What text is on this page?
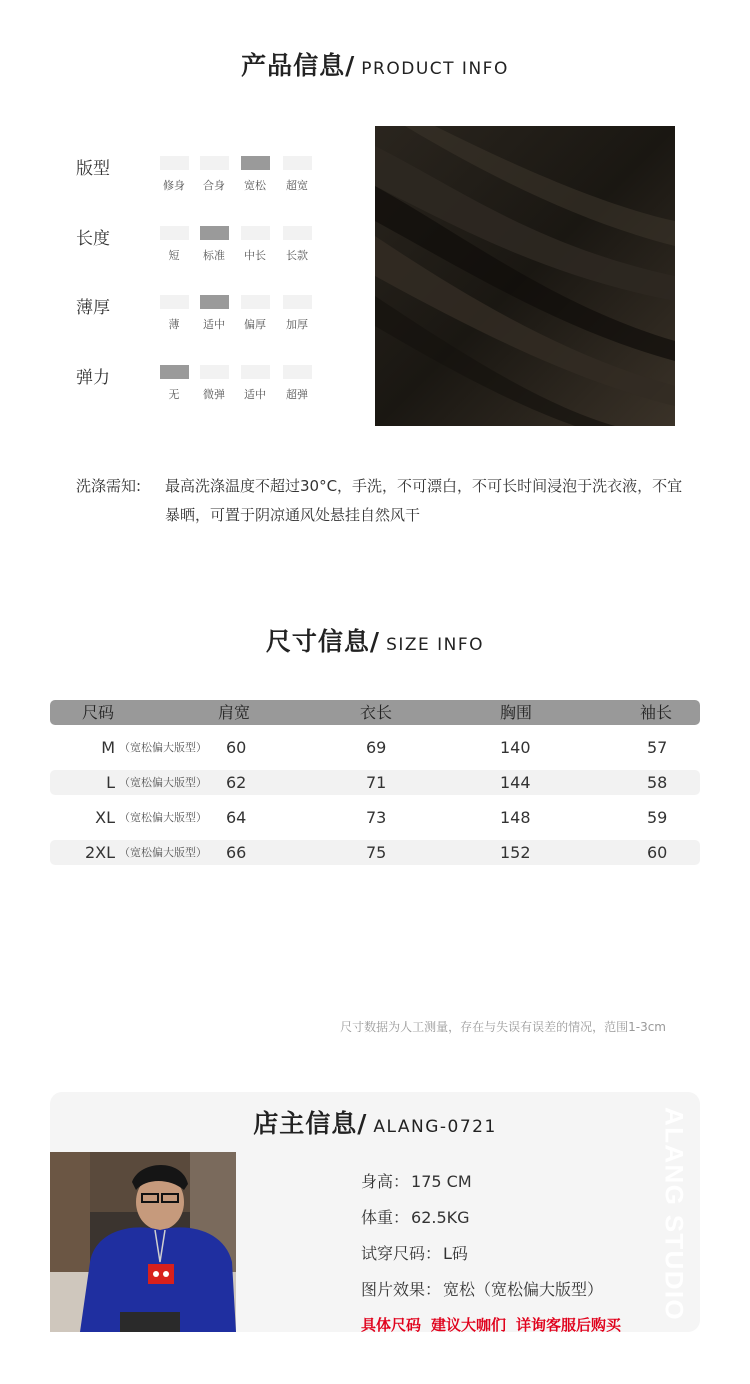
产品信息/ PRODUCT INFO
版型
修身	合身	宽松	超宽
长度
短	标准	中长	长款
薄厚
薄	适中	偏厚	加厚
弹力
无	微弹	适中	超弹
洗涤需知: 最高洗涤温度不超过30°C，手洗，不可漂白，不可长时间浸泡于洗衣液，不宜暴晒，可置于阴凉通风处悬挂自然风干
尺寸信息/ SIZE INFO
尺码	肩宽	衣长	胸围	袖长
M （宽松偏大版型） 60	69	140	57
L （宽松偏大版型） 62	71	144	58
XL （宽松偏大版型） 64	73	148	59
2XL （宽松偏大版型） 66	75	152	60
尺寸数据为人工测量，存在与失误有误差的情况，范围1-3cm
店主信息/ ALANG-0721	ALANG STUDIO
身高： 175 CM
体重： 62.5KG
试穿尺码： L码
图片效果： 宽松（宽松偏大版型）
具体尺码 建议大咖们 详询客服后购买
